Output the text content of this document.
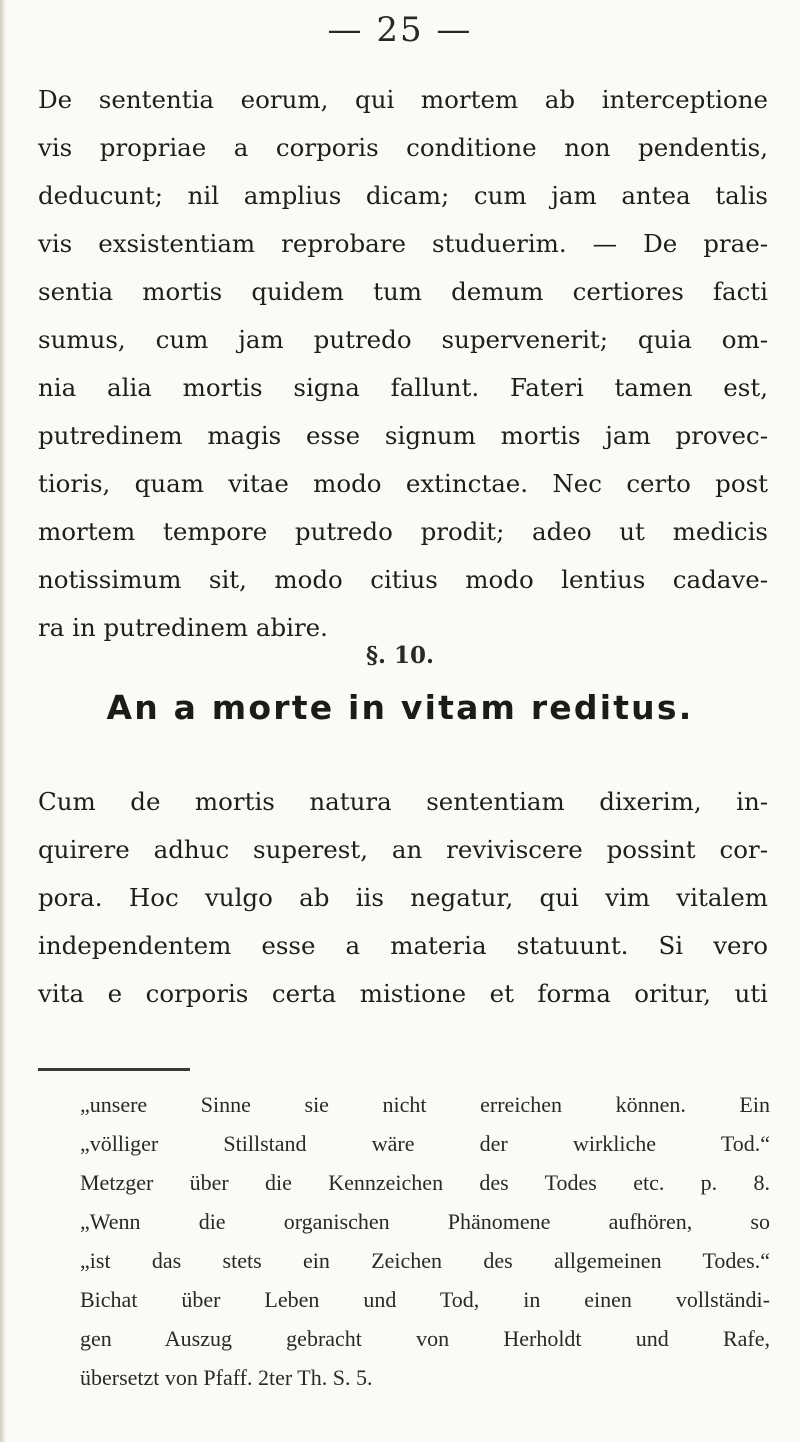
— 25 —
De sententia eorum, qui mortem ab interceptione
vis propriae a corporis conditione non pendentis,
deducunt; nil amplius dicam; cum jam antea talis
vis exsistentiam reprobare studuerim. — De prae-
sentia mortis quidem tum demum certiores facti
sumus, cum jam putredo supervenerit; quia om-
nia alia mortis signa fallunt. Fateri tamen est,
putredinem magis esse signum mortis jam provec-
tioris, quam vitae modo extinctae. Nec certo post
mortem tempore putredo prodit; adeo ut medicis
notissimum sit, modo citius modo lentius cadave-
ra in putredinem abire.
§. 10.
An a morte in vitam reditus.
Cum de mortis natura sententiam dixerim, in-
quirere adhuc superest, an reviviscere possint cor-
pora. Hoc vulgo ab iis negatur, qui vim vitalem
independentem esse a materia statuunt. Si vero
vita e corporis certa mistione et forma oritur, uti
„unsere Sinne sie nicht erreichen können. Ein
„völliger Stillstand wäre der wirkliche Tod.“
Metzger über die Kennzeichen des Todes etc. p. 8.
„Wenn die organischen Phänomene aufhören, so
„ist das stets ein Zeichen des allgemeinen Todes.“
Bichat über Leben und Tod, in einen vollständi-
gen Auszug gebracht von Herholdt und Rafe,
übersetzt von Pfaff. 2ter Th. S. 5.
